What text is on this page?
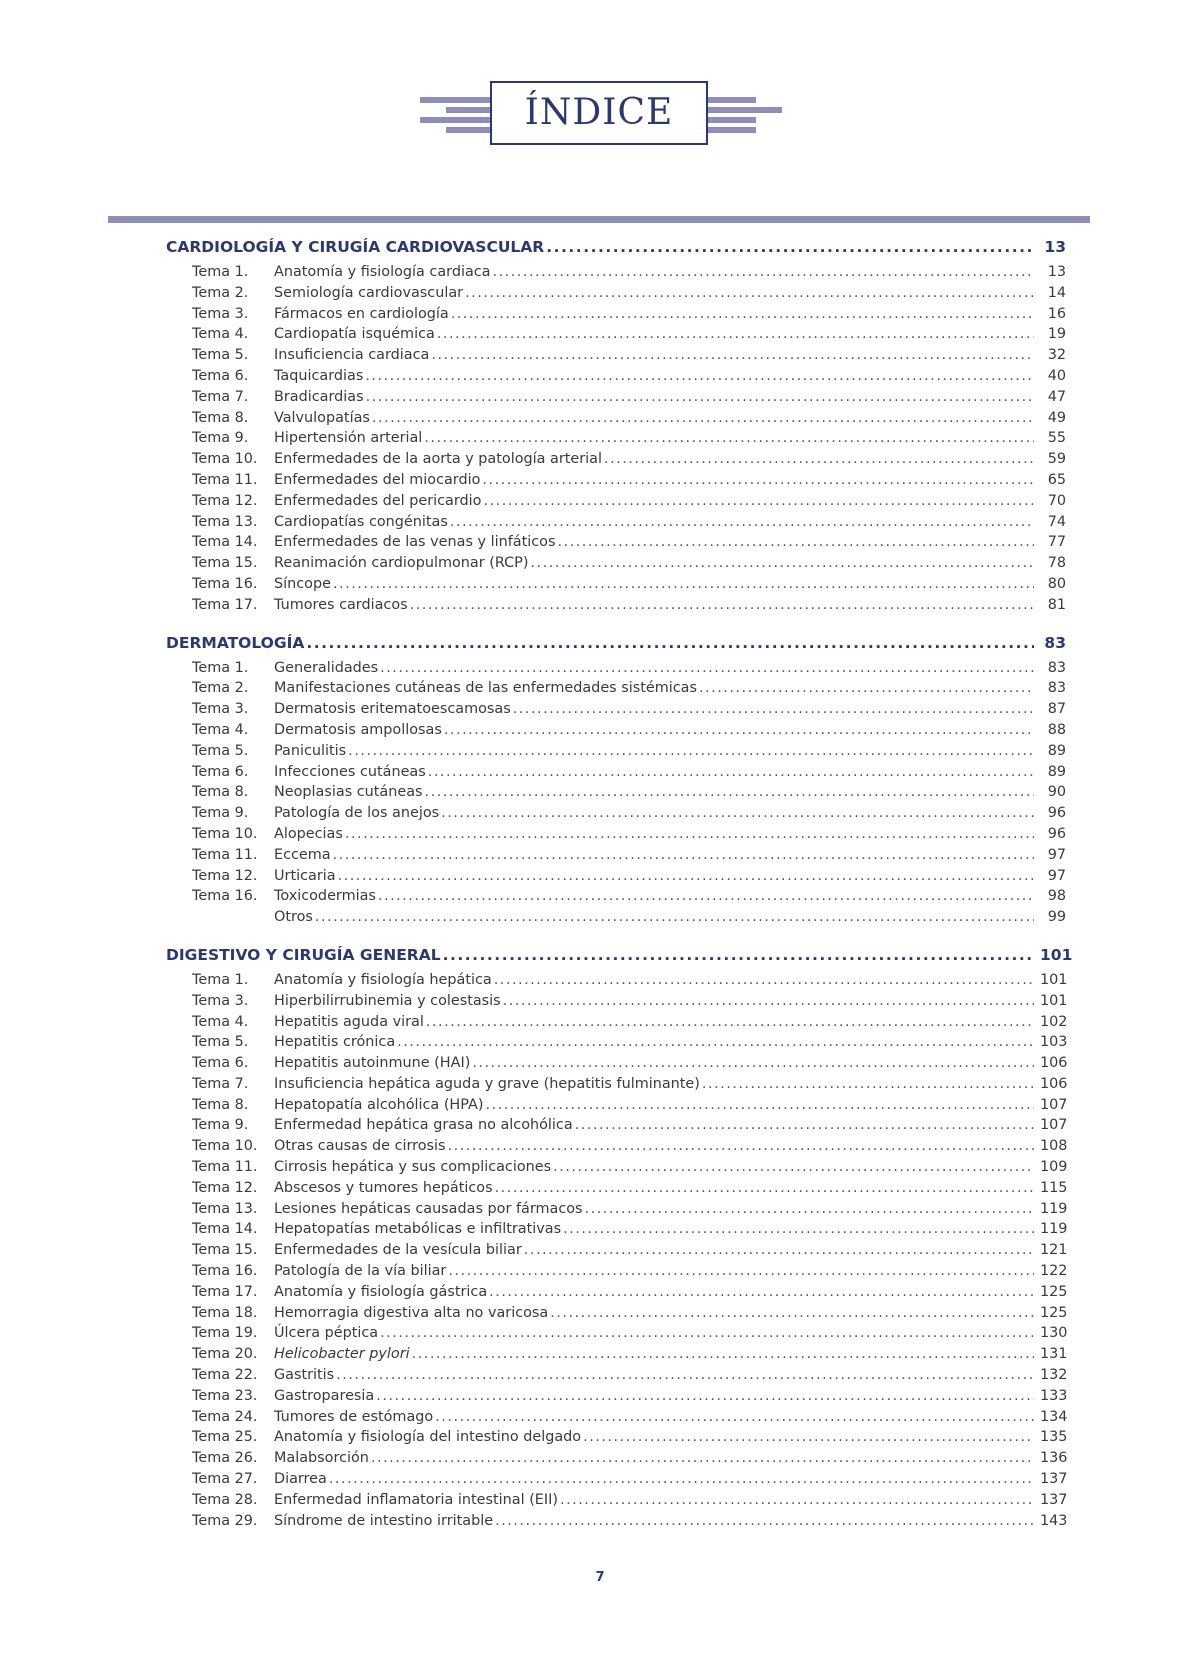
ÍNDICE
CARDIOLOGÍA Y CIRUGÍA CARDIOVASCULAR .....	13
Tema 1.	Anatomía y fisiología cardiaca .....	13
Tema 2.	Semiología cardiovascular .....	14
Tema 3.	Fármacos en cardiología .....	16
Tema 4.	Cardiopatía isquémica .....	19
Tema 5.	Insuficiencia cardiaca .....	32
Tema 6.	Taquicardias .....	40
Tema 7.	Bradicardias .....	47
Tema 8.	Valvulopatías .....	49
Tema 9.	Hipertensión arterial .....	55
Tema 10.	Enfermedades de la aorta y patología arterial .....	59
Tema 11.	Enfermedades del miocardio .....	65
Tema 12.	Enfermedades del pericardio .....	70
Tema 13.	Cardiopatías congénitas .....	74
Tema 14.	Enfermedades de las venas y linfáticos .....	77
Tema 15.	Reanimación cardiopulmonar (RCP) .....	78
Tema 16.	Síncope .....	80
Tema 17.	Tumores cardiacos .....	81
DERMATOLOGÍA .....	83
Tema 1.	Generalidades .....	83
Tema 2.	Manifestaciones cutáneas de las enfermedades sistémicas .....	83
Tema 3.	Dermatosis eritematoescamosas .....	87
Tema 4.	Dermatosis ampollosas .....	88
Tema 5.	Paniculitis .....	89
Tema 6.	Infecciones cutáneas .....	89
Tema 8.	Neoplasias cutáneas .....	90
Tema 9.	Patología de los anejos .....	96
Tema 10.	Alopecias .....	96
Tema 11.	Eccema .....	97
Tema 12.	Urticaria .....	97
Tema 16.	Toxicodermias .....	98
Otros .....	99
DIGESTIVO Y CIRUGÍA GENERAL .....	101
Tema 1.	Anatomía y fisiología hepática .....	101
Tema 3.	Hiperbilirrubinemia y colestasis .....	101
Tema 4.	Hepatitis aguda viral .....	102
Tema 5.	Hepatitis crónica .....	103
Tema 6.	Hepatitis autoinmune (HAI) .....	106
Tema 7.	Insuficiencia hepática aguda y grave (hepatitis fulminante) .....	106
Tema 8.	Hepatopatía alcohólica (HPA) .....	107
Tema 9.	Enfermedad hepática grasa no alcohólica .....	107
Tema 10.	Otras causas de cirrosis .....	108
Tema 11.	Cirrosis hepática y sus complicaciones .....	109
Tema 12.	Abscesos y tumores hepáticos .....	115
Tema 13.	Lesiones hepáticas causadas por fármacos .....	119
Tema 14.	Hepatopatías metabólicas e infiltrativas .....	119
Tema 15.	Enfermedades de la vesícula biliar .....	121
Tema 16.	Patología de la vía biliar .....	122
Tema 17.	Anatomía y fisiología gástrica .....	125
Tema 18.	Hemorragia digestiva alta no varicosa .....	125
Tema 19.	Úlcera péptica .....	130
Tema 20.	Helicobacter pylori .....	131
Tema 22.	Gastritis .....	132
Tema 23.	Gastroparesia .....	133
Tema 24.	Tumores de estómago .....	134
Tema 25.	Anatomía y fisiología del intestino delgado .....	135
Tema 26.	Malabsorción .....	136
Tema 27.	Diarrea .....	137
Tema 28.	Enfermedad inflamatoria intestinal (EII) .....	137
Tema 29.	Síndrome de intestino irritable .....	143
7
